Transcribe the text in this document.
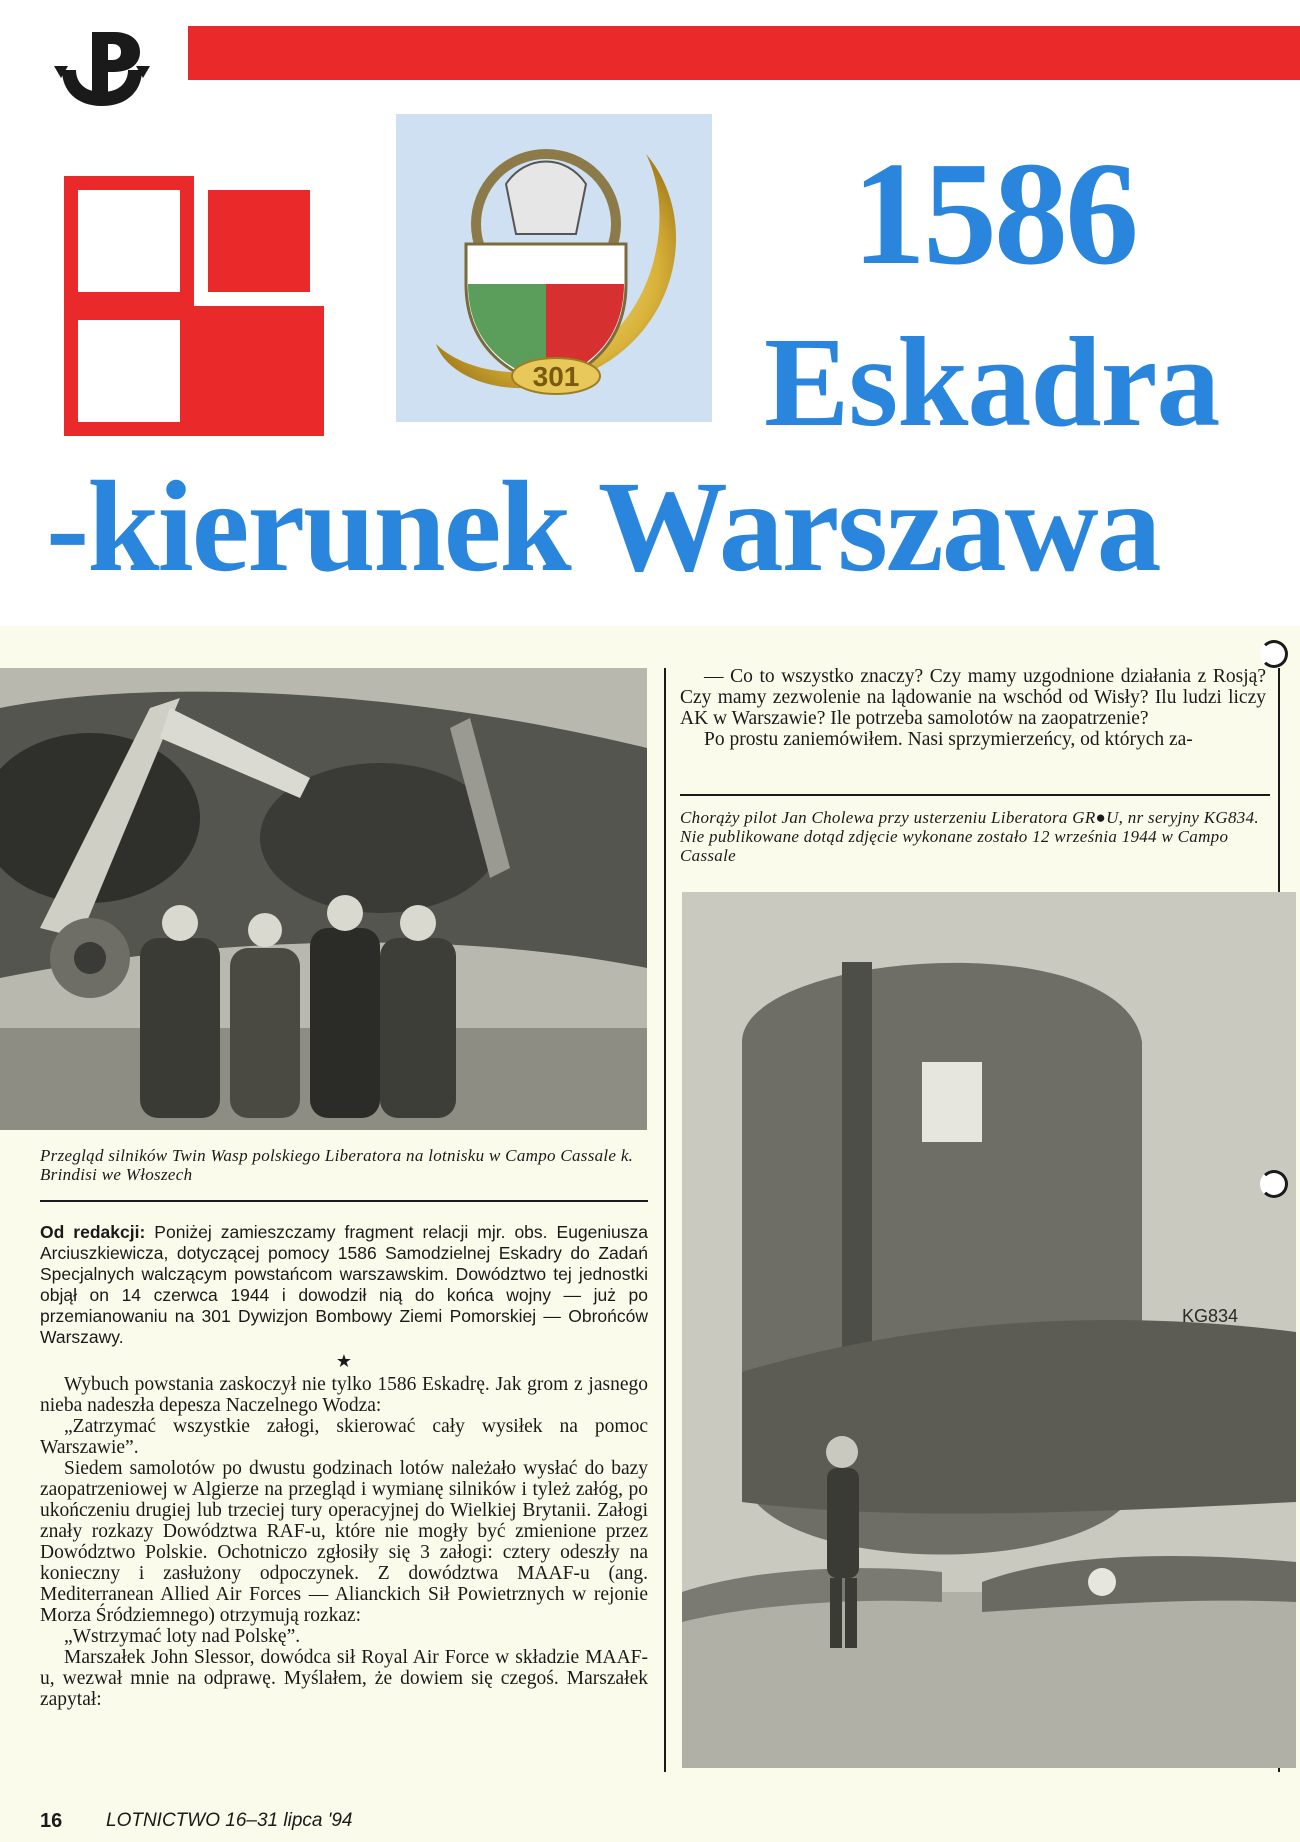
301
1586
Eskadra
-kierunek Warszawa
Przegląd silników Twin Wasp polskiego Liberatora na lotnisku w Campo Cassale k. Brindisi we Włoszech

Od redakcji: Poniżej zamieszczamy fragment relacji mjr. obs. Eugeniusza Arciuszkiewicza, dotyczącej pomocy 1586 Samodzielnej Eskadry do Zadań Specjalnych walczącym powstańcom warszawskim. Dowództwo tej jednostki objął on 14 czerwca 1944 i dowodził nią do końca wojny — już po przemianowaniu na 301 Dywizjon Bombowy Ziemi Pomorskiej — Obrońców Warszawy.

★

Wybuch powstania zaskoczył nie tylko 1586 Eskadrę. Jak grom z jasnego nieba nadeszła depesza Naczelnego Wodza:

„Zatrzymać wszystkie załogi, skierować cały wysiłek na pomoc Warszawie”.

Siedem samolotów po dwustu godzinach lotów należało wysłać do bazy zaopatrzeniowej w Algierze na przegląd i wymianę silników i tyleż załóg, po ukończeniu drugiej lub trzeciej tury operacyjnej do Wielkiej Brytanii. Załogi znały rozkazy Dowództwa RAF-u, które nie mogły być zmienione przez Dowództwo Polskie. Ochotniczo zgłosiły się 3 załogi: cztery odeszły na konieczny i zasłużony odpoczynek. Z dowództwa MAAF-u (ang. Mediterranean Allied Air Forces — Alianckich Sił Powietrznych w rejonie Morza Śródziemnego) otrzymują rozkaz:

„Wstrzymać loty nad Polskę”.

Marszałek John Slessor, dowódca sił Royal Air Force w składzie MAAF-u, wezwał mnie na odprawę. Myślałem, że dowiem się czegoś. Marszałek zapytał:

— Co to wszystko znaczy? Czy mamy uzgodnione działania z Rosją? Czy mamy zezwolenie na lądowanie na wschód od Wisły? Ilu ludzi liczy AK w Warszawie? Ile potrzeba samolotów na zaopatrzenie?

Po prostu zaniemówiłem. Nasi sprzymierzeńcy, od których za-

Chorąży pilot Jan Cholewa przy usterzeniu Liberatora GR●U, nr seryjny KG834. Nie publikowane dotąd zdjęcie wykonane zostało 12 września 1944 w Campo Cassale
KG834

16 LOTNICTWO 16–31 lipca '94
